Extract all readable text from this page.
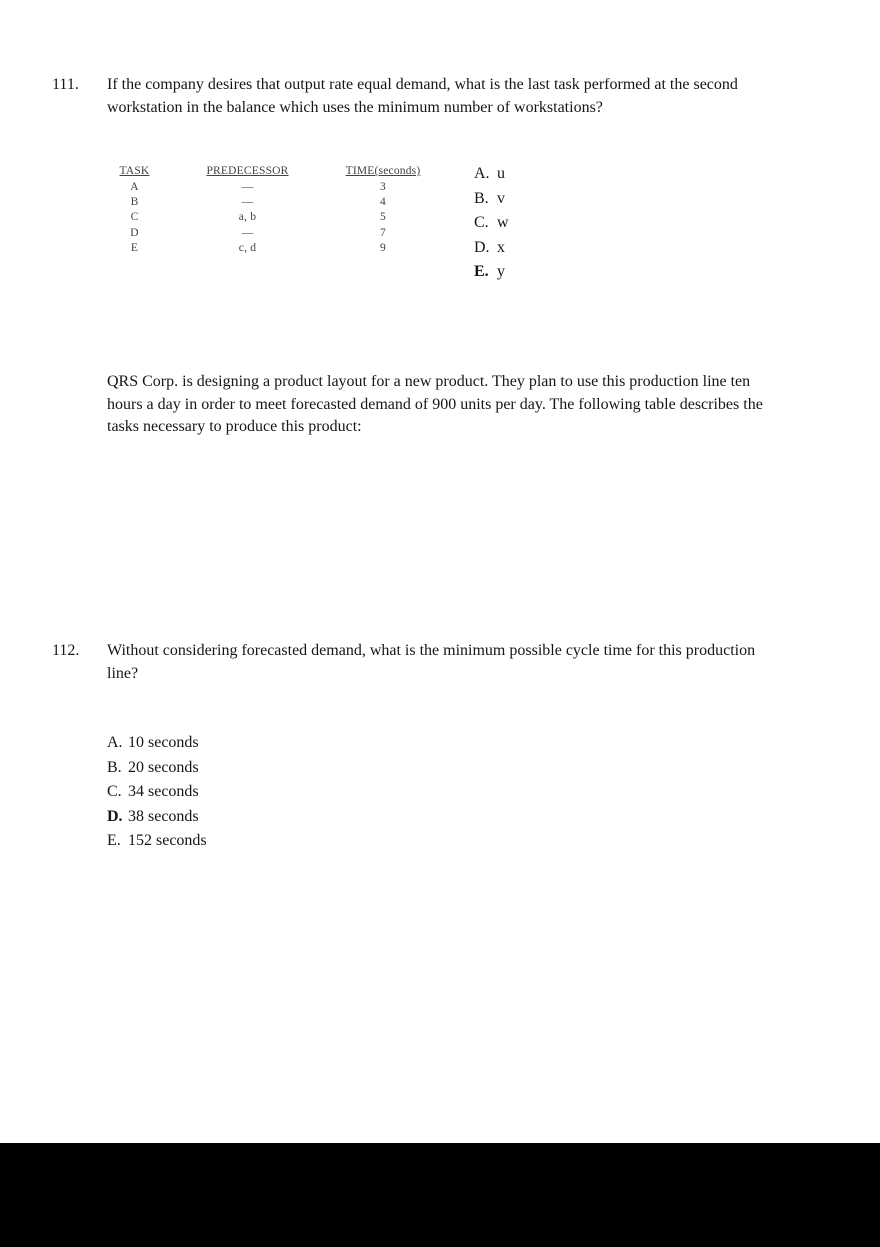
111. If the company desires that output rate equal demand, what is the last task performed at the second
workstation in the balance which uses the minimum number of workstations?
TASK	PREDECESSOR	TIME(seconds)
A	—	3
B	—	4
C	a, b	5
D	—	7
E	c, d	9
A. u
B. v
C. w
D. x
E. y
QRS Corp. is designing a product layout for a new product. They plan to use this production line ten
hours a day in order to meet forecasted demand of 900 units per day. The following table describes the
tasks necessary to produce this product:
112. Without considering forecasted demand, what is the minimum possible cycle time for this production
line?
A. 10 seconds
B. 20 seconds
C. 34 seconds
D. 38 seconds
E. 152 seconds
